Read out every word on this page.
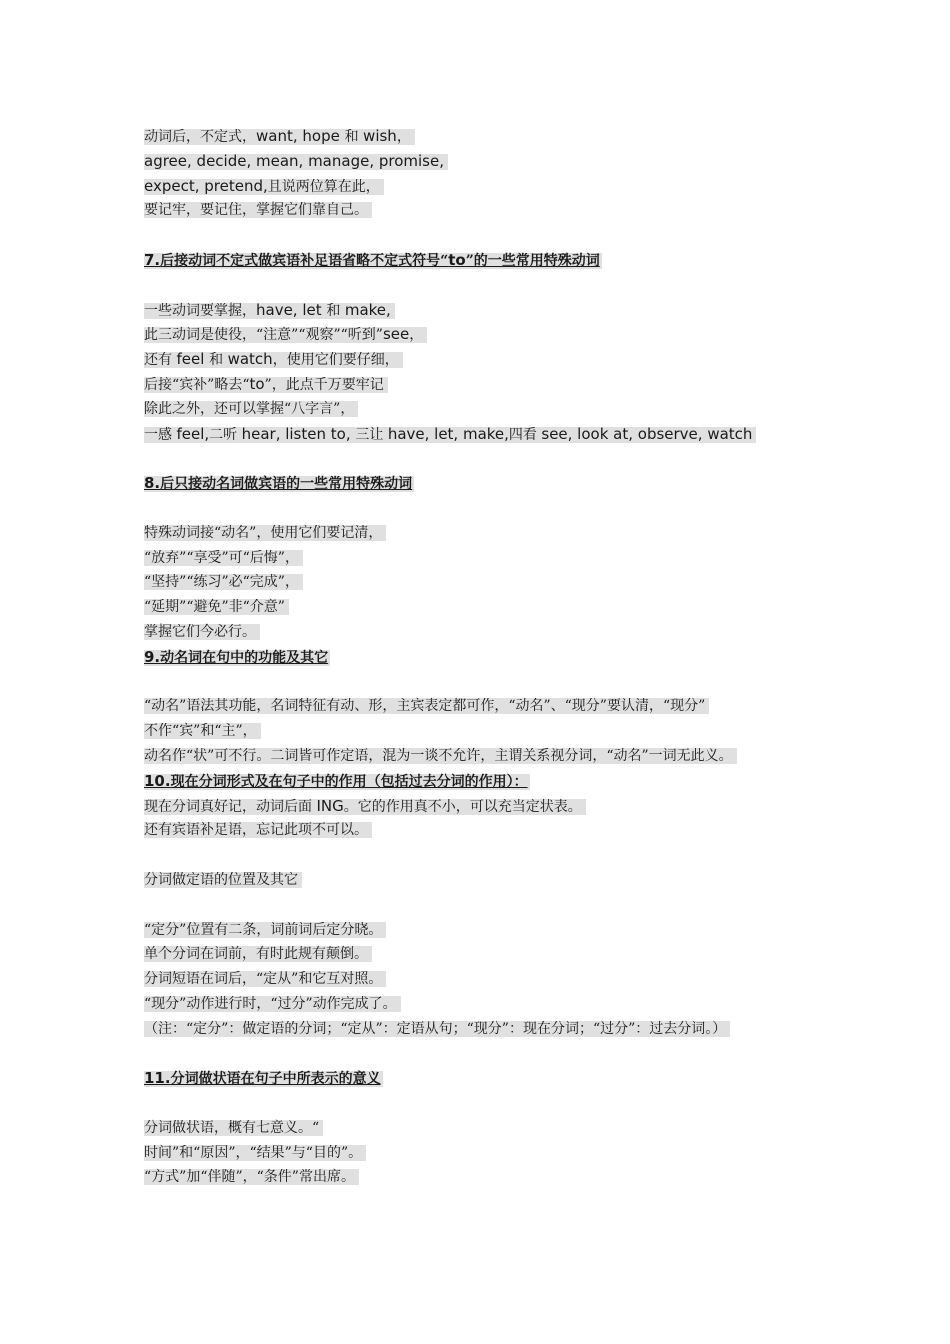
动词后，不定式，want, hope 和 wish，
agree, decide, mean, manage, promise,
expect, pretend,且说两位算在此，
要记牢，要记住，掌握它们靠自己。
7.后接动词不定式做宾语补足语省略不定式符号“to”的一些常用特殊动词
一些动词要掌握，have, let 和 make,
此三动词是使役，“注意”“观察”“听到”see，
还有 feel 和 watch，使用它们要仔细，
后接“宾补”略去“to”，此点千万要牢记
除此之外，还可以掌握“八字言”，
一感 feel,二听 hear, listen to, 三让 have, let, make,四看 see, look at, observe, watch
8.后只接动名词做宾语的一些常用特殊动词
特殊动词接“动名”，使用它们要记清，
“放弃”“享受”可“后悔”，
“坚持”“练习”必“完成”，
“延期”“避免”非“介意”
掌握它们今必行。
9.动名词在句中的功能及其它
“动名”语法其功能，名词特征有动、形，主宾表定都可作，“动名”、“现分”要认清，“现分”
不作“宾”和“主”，
动名作“状”可不行。二词皆可作定语，混为一谈不允许，主谓关系视分词，“动名”一词无此义。
10.现在分词形式及在句子中的作用（包括过去分词的作用）：
现在分词真好记，动词后面 ING。它的作用真不小，可以充当定状表。
还有宾语补足语，忘记此项不可以。
分词做定语的位置及其它
“定分”位置有二条，词前词后定分晓。
单个分词在词前，有时此规有颠倒。
分词短语在词后，“定从”和它互对照。
“现分”动作进行时，“过分”动作完成了。
（注：“定分”：做定语的分词；“定从”：定语从句；“现分”：现在分词；“过分”：过去分词。）
11.分词做状语在句子中所表示的意义
分词做状语，概有七意义。“
时间”和“原因”，“结果”与“目的”。
“方式”加“伴随”，“条件”常出席。
